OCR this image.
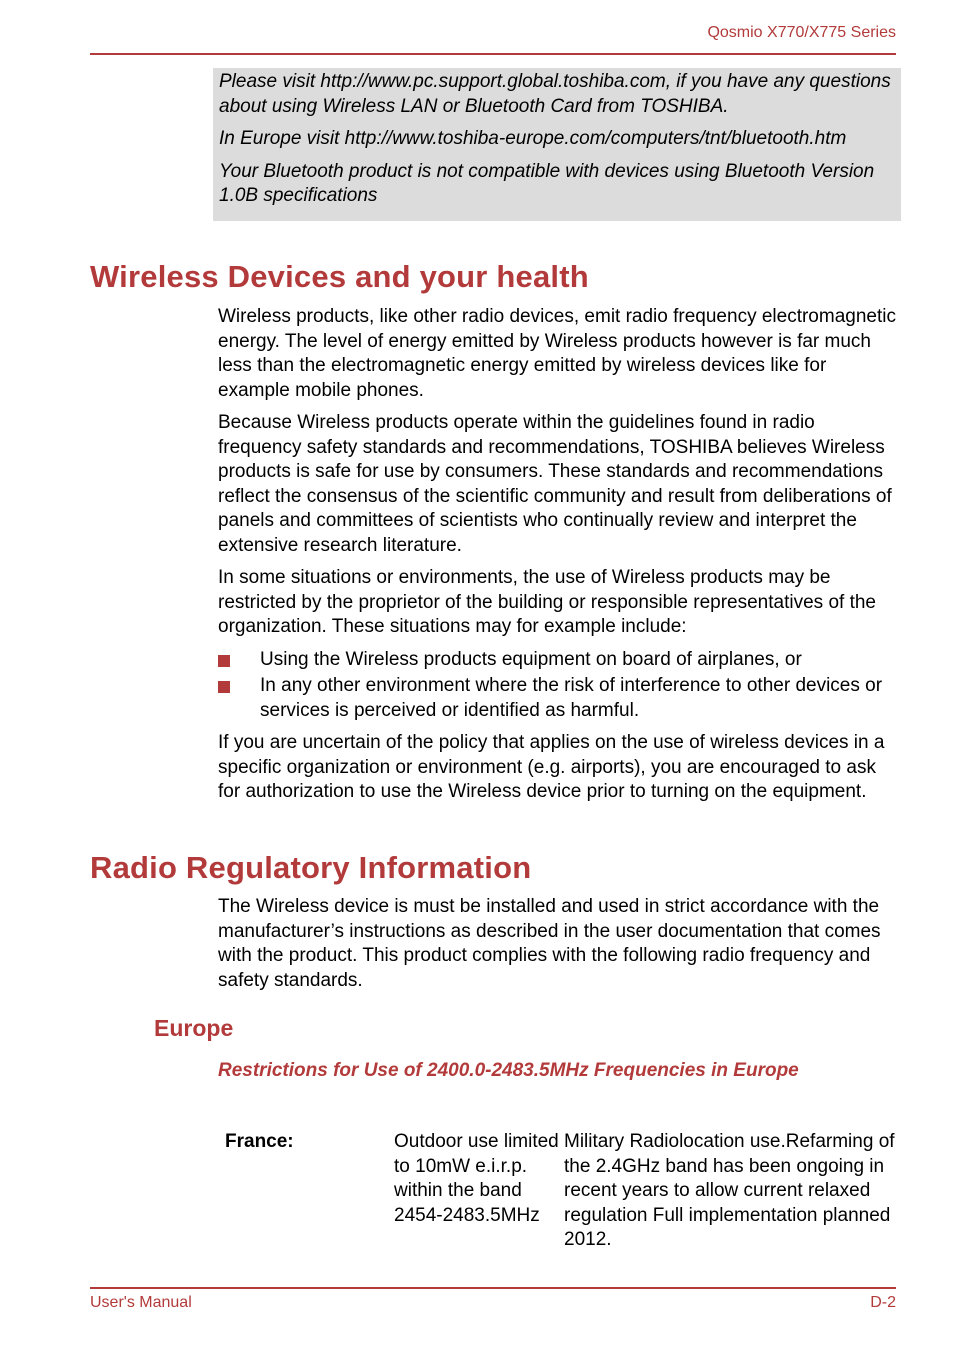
Qosmio X770/X775 Series

Please visit http://www.pc.support.global.toshiba.com, if you have any questions about using Wireless LAN or Bluetooth Card from TOSHIBA.

In Europe visit http://www.toshiba-europe.com/computers/tnt/bluetooth.htm

Your Bluetooth product is not compatible with devices using Bluetooth Version 1.0B specifications

Wireless Devices and your health

Wireless products, like other radio devices, emit radio frequency electromagnetic energy. The level of energy emitted by Wireless products however is far much less than the electromagnetic energy emitted by wireless devices like for example mobile phones.

Because Wireless products operate within the guidelines found in radio frequency safety standards and recommendations, TOSHIBA believes Wireless products is safe for use by consumers. These standards and recommendations reflect the consensus of the scientific community and result from deliberations of panels and committees of scientists who continually review and interpret the extensive research literature.

In some situations or environments, the use of Wireless products may be restricted by the proprietor of the building or responsible representatives of the organization. These situations may for example include:

Using the Wireless products equipment on board of airplanes, or
In any other environment where the risk of interference to other devices or services is perceived or identified as harmful.

If you are uncertain of the policy that applies on the use of wireless devices in a specific organization or environment (e.g. airports), you are encouraged to ask for authorization to use the Wireless device prior to turning on the equipment.

Radio Regulatory Information

The Wireless device is must be installed and used in strict accordance with the manufacturer’s instructions as described in the user documentation that comes with the product. This product complies with the following radio frequency and safety standards.

Europe

Restrictions for Use of 2400.0-2483.5MHz Frequencies in Europe

France:	Outdoor use limited to 10mW e.i.r.p. within the band 2454-2483.5MHz	Military Radiolocation use.Refarming of the 2.4GHz band has been ongoing in recent years to allow current relaxed regulation Full implementation planned 2012.
User's Manual	D-2
